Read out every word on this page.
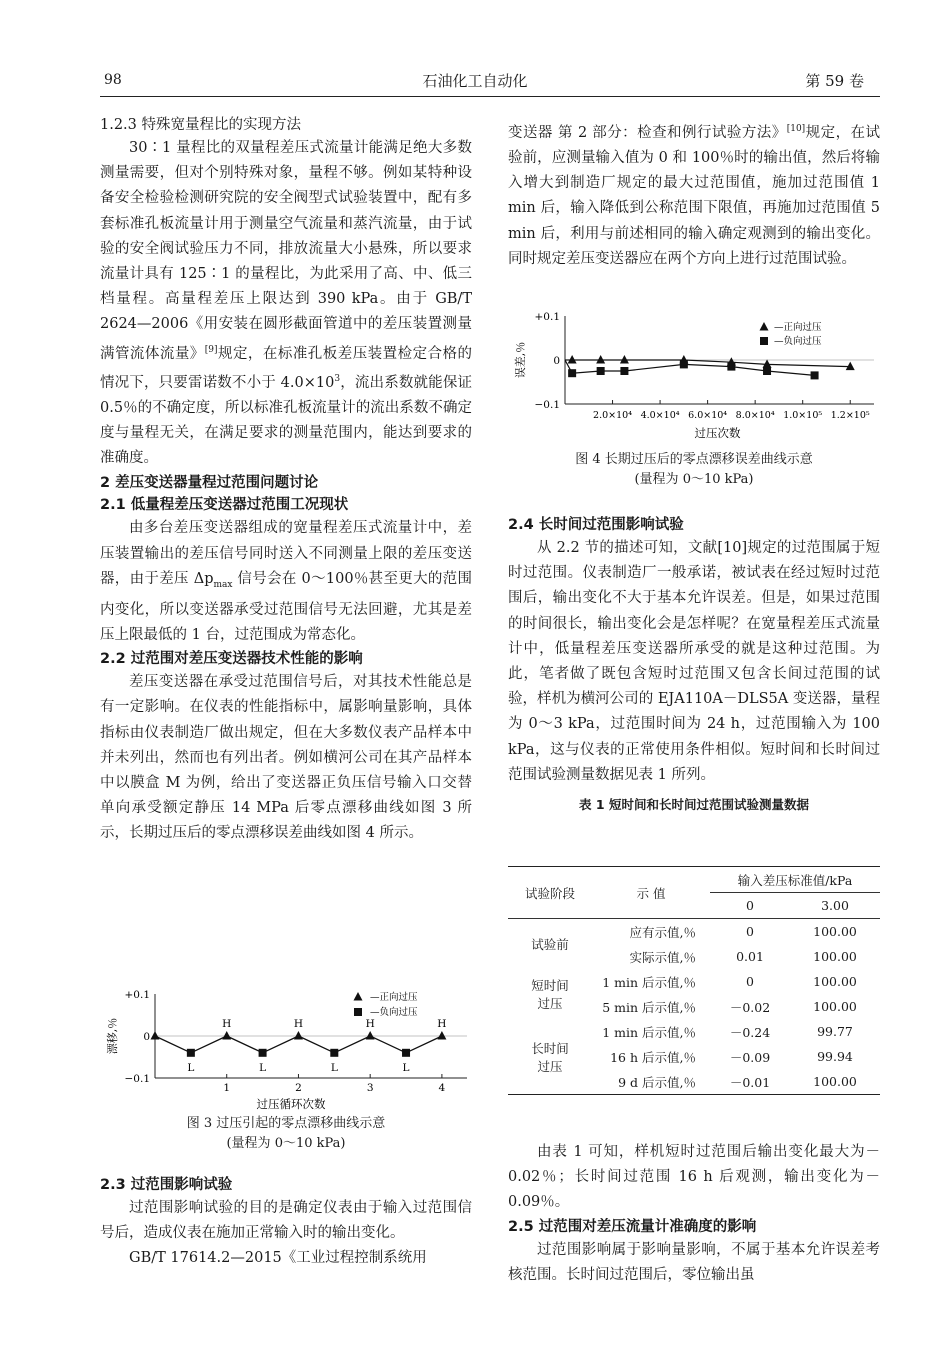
98	石油化工自动化	第 59 卷
1.2.3 特殊宽量程比的实现方法

30∶1 量程比的双量程差压式流量计能满足绝大多数测量需要，但对个别特殊对象，量程不够。例如某特种设备安全检验检测研究院的安全阀型式试验装置中，配有多套标准孔板流量计用于测量空气流量和蒸汽流量，由于试验的安全阀试验压力不同，排放流量大小悬殊，所以要求流量计具有 125∶1 的量程比，为此采用了高、中、低三档量程。高量程差压上限达到 390 kPa。由于 GB/T 2624—2006《用安装在圆形截面管道中的差压装置测量满管流体流量》[9]规定，在标准孔板差压装置检定合格的情况下，只要雷诺数不小于 $4.0\times 10^3$，流出系数就能保证 0.5％的不确定度，所以标准孔板流量计的流出系数不确定度与量程无关，在满足要求的测量范围内，能达到要求的准确度。

2 差压变送器量程过范围问题讨论
2.1 低量程差压变送器过范围工况现状

由多台差压变送器组成的宽量程差压式流量计中，差压装置输出的差压信号同时送入不同测量上限的差压变送器，由于差压 $\Delta p_{max}$ 信号会在 0～100％甚至更大的范围内变化，所以变送器承受过范围信号无法回避，尤其是差压上限最低的 1 台，过范围成为常态化。

2.2 过范围对差压变送器技术性能的影响

差压变送器在承受过范围信号后，对其技术性能总是有一定影响。在仪表的性能指标中，属影响量影响，具体指标由仪表制造厂做出规定，但在大多数仪表产品样本中并未列出，然而也有列出者。例如横河公司在其产品样本中以膜盒 M 为例，给出了变送器正负压信号输入口交替单向承受额定静压 14 MPa 后零点漂移曲线如图 3 所示，长期过压后的零点漂移误差曲线如图 4 所示。

+0.1
0
−0.1
1	2	3	4
过压循环次数
漂移,％
L
H
L
H
L
H
L
H
—正向过压
—负向过压

图 3 过压引起的零点漂移曲线示意

(量程为 0～10 kPa)

2.3 过范围影响试验

过范围影响试验的目的是确定仪表由于输入过范围信号后，造成仪表在施加正常输入时的输出变化。

GB/T 17614.2—2015《工业过程控制系统用

变送器 第 2 部分：检查和例行试验方法》[10]规定，在试验前，应测量输入值为 0 和 100％时的输出值，然后将输入增大到制造厂规定的最大过范围值，施加过范围值 1 min 后，输入降低到公称范围下限值，再施加过范围值 5 min 后，利用与前述相同的输入确定观测到的输出变化。同时规定差压变送器应在两个方向上进行过范围试验。

+0.1
0
−0.1
2.0×10⁴ 4.0×10⁴ 6.0×10⁴ 8.0×10⁴ 1.0×10⁵ 1.2×10⁵
过压次数
误差,％
—正向过压
—负向过压

图 4 长期过压后的零点漂移误差曲线示意

(量程为 0～10 kPa)

2.4 长时间过范围影响试验

从 2.2 节的描述可知，文献[10]规定的过范围属于短时过范围。仪表制造厂一般承诺，被试表在经过短时过范围后，输出变化不大于基本允许误差。但是，如果过范围的时间很长，输出变化会是怎样呢？在宽量程差压式流量计中，低量程差压变送器所承受的就是这种过范围。为此，笔者做了既包含短时过范围又包含长间过范围的试验，样机为横河公司的 EJA110A－DLS5A 变送器，量程为 0～3 kPa，过范围时间为 24 h，过范围输入为 100 kPa，这与仪表的正常使用条件相似。短时间和长时间过范围试验测量数据见表 1 所列。

表 1 短时间和长时间过范围试验测量数据
试验阶段	示 值	输入差压标准值/kPa	
		0	3.00

试验前	应有示值,％	0	100.00
	实际示值,％	0.01	100.00

短时间
过压	1 min 后示值,％	0	100.00
	5 min 后示值,％	－0.02	100.00

长时间
过压	1 min 后示值,％	－0.24	99.77
	16 h 后示值,％	－0.09	99.94
	9 d 后示值,％	－0.01	100.00

由表 1 可知，样机短时过范围后输出变化最大为－0.02％；长时间过范围 16 h 后观测，输出变化为－0.09％。

2.5 过范围对差压流量计准确度的影响

过范围影响属于影响量影响，不属于基本允许误差考核范围。长时间过范围后，零位输出虽
